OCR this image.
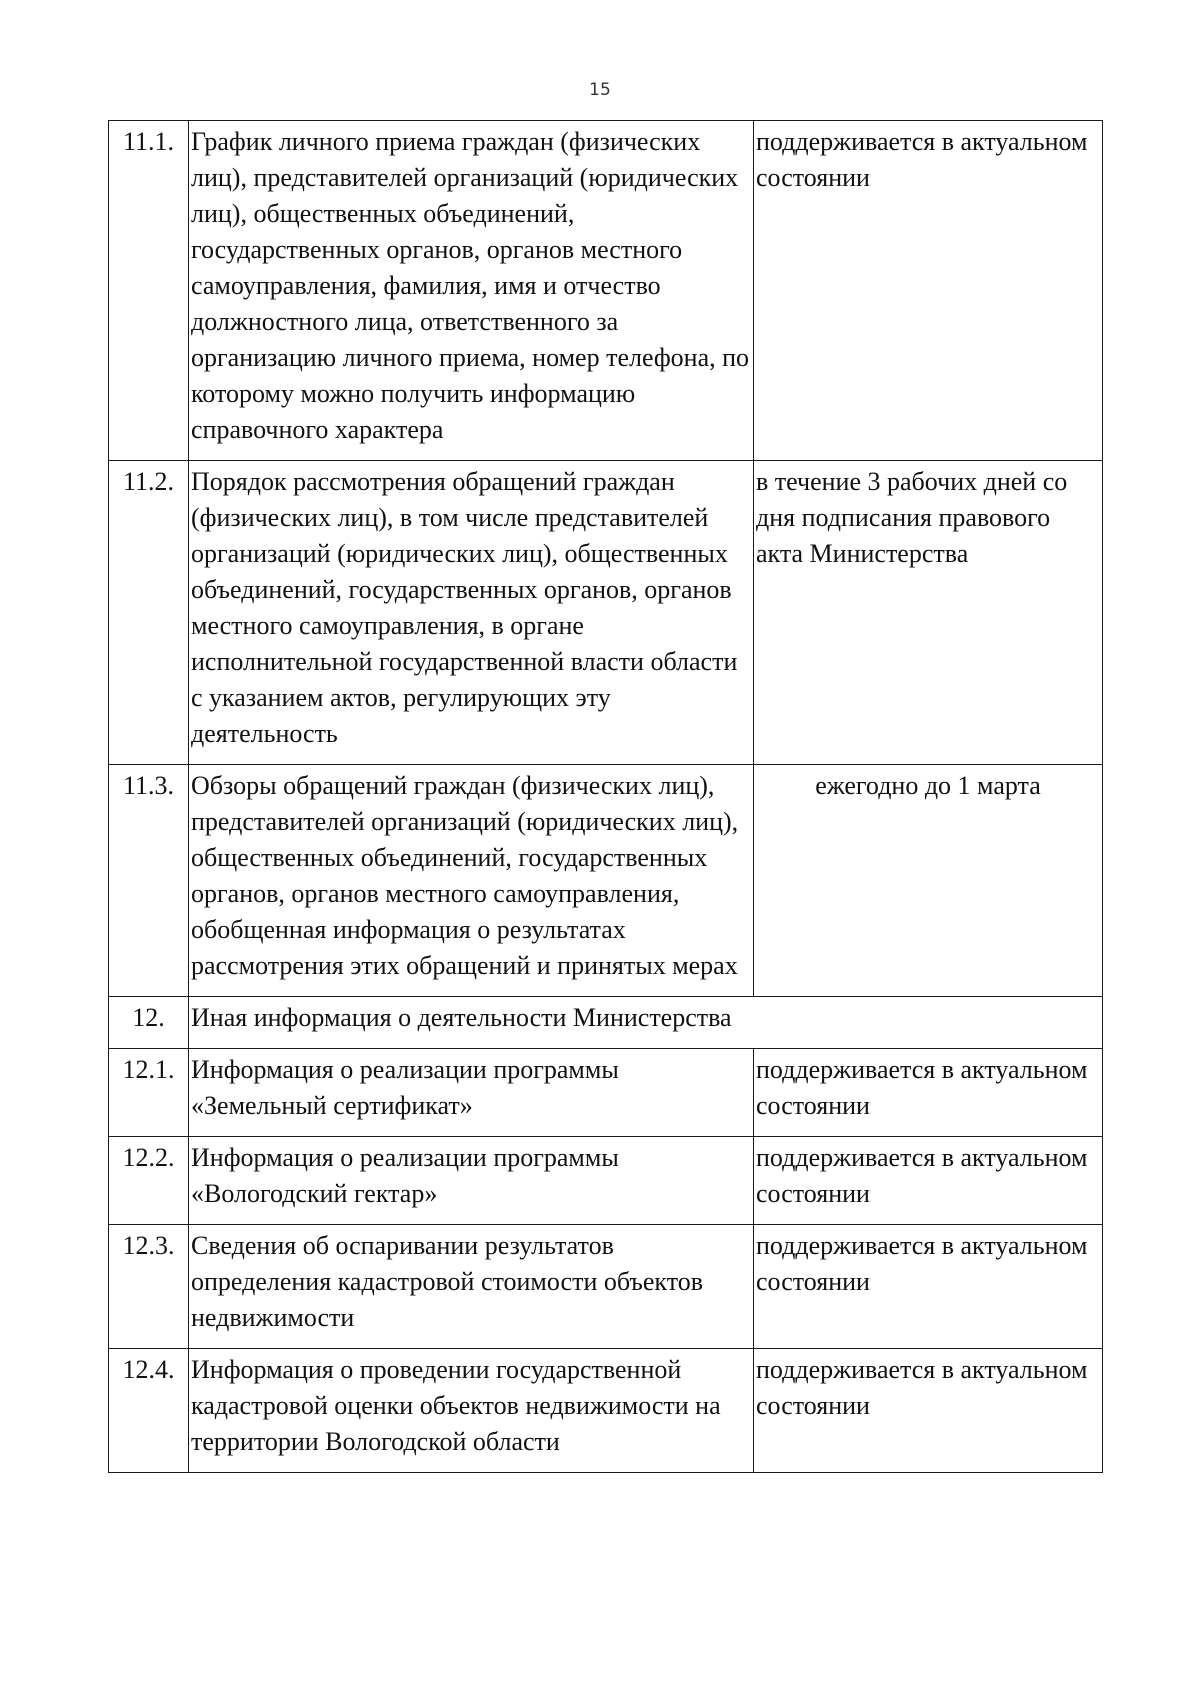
15
11.1.	График личного приема граждан (физических лиц), представителей организаций (юридических лиц), общественных объединений, государственных органов, органов местного самоуправления, фамилия, имя и отчество должностного лица, ответственного за организацию личного приема, номер телефона, по которому можно получить информацию справочного характера	поддерживается в актуальном состоянии
11.2.	Порядок рассмотрения обращений граждан (физических лиц), в том числе представителей организаций (юридических лиц), общественных объединений, государственных органов, органов местного самоуправления, в органе исполнительной государственной власти области с указанием актов, регулирующих эту деятельность	в течение 3 рабочих дней со дня подписания правового акта Министерства
11.3.	Обзоры обращений граждан (физических лиц), представителей организаций (юридических лиц), общественных объединений, государственных органов, органов местного самоуправления, обобщенная информация о результатах рассмотрения этих обращений и принятых мерах	ежегодно до 1 марта
12.	Иная информация о деятельности Министерства	
12.1.	Информация о реализации программы «Земельный сертификат»	поддерживается в актуальном состоянии
12.2.	Информация о реализации программы «Вологодский гектар»	поддерживается в актуальном состоянии
12.3.	Сведения об оспаривании результатов определения кадастровой стоимости объектов недвижимости	поддерживается в актуальном состоянии
12.4.	Информация о проведении государственной кадастровой оценки объектов недвижимости на территории Вологодской области	поддерживается в актуальном состоянии
